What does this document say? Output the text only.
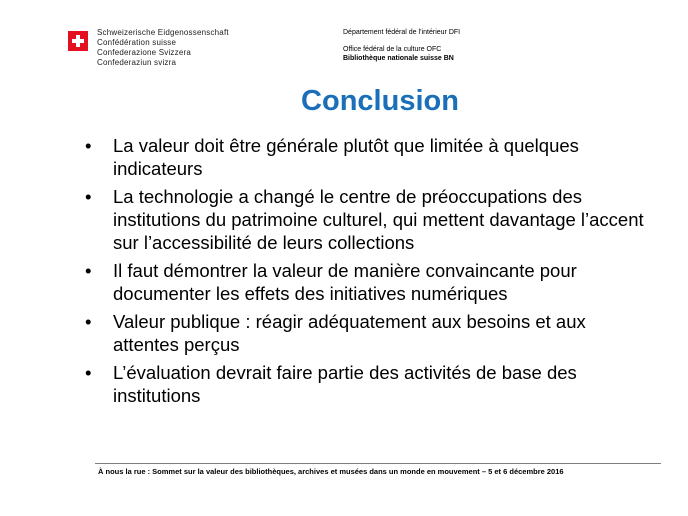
Schweizerische Eidgenossenschaft
Confédération suisse
Confederazione Svizzera
Confederaziun svizra
Département fédéral de l’intérieur DFI
Office fédéral de la culture OFC
Bibliothèque nationale suisse BN
Conclusion
• La valeur doit être générale plutôt que limitée à quelques indicateurs
• La technologie a changé le centre de préoccupations des institutions du patrimoine culturel, qui mettent davantage l’accent sur l’accessibilité de leurs collections
• Il faut démontrer la valeur de manière convaincante pour documenter les effets des initiatives numériques
• Valeur publique : réagir adéquatement aux besoins et aux attentes perçus
• L’évaluation devrait faire partie des activités de base des institutions
À nous la rue : Sommet sur la valeur des bibliothèques, archives et musées dans un monde en mouvement – 5 et 6 décembre 2016
